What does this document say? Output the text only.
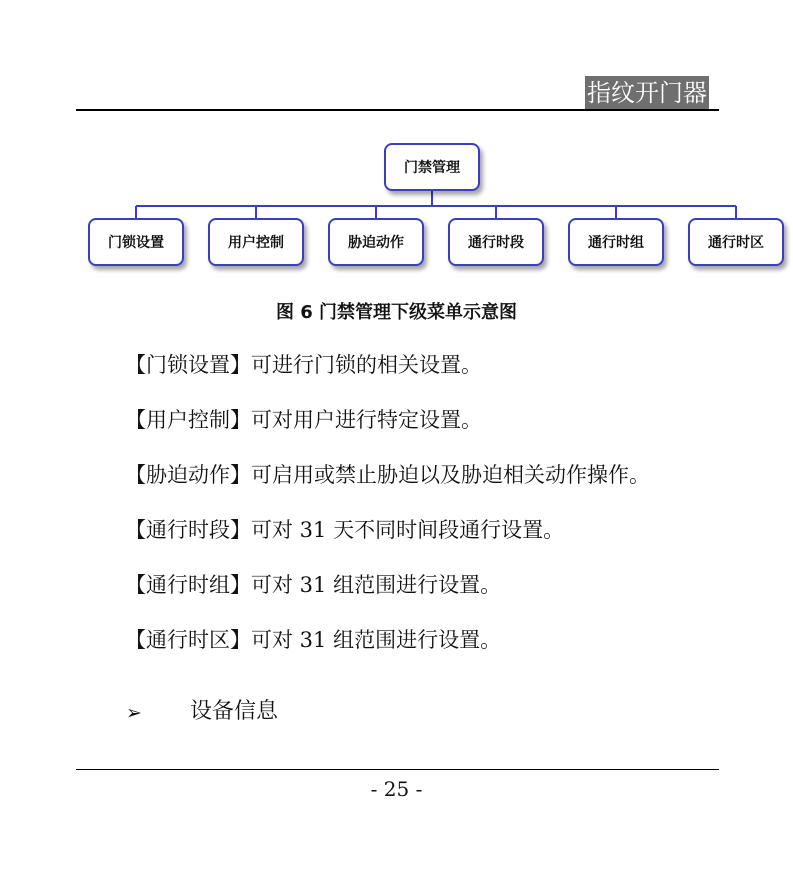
指纹开门器
门禁管理
门锁设置	用户控制	胁迫动作	通行时段	通行时组	通行时区
图 6 门禁管理下级菜单示意图
【门锁设置】可进行门锁的相关设置。
【用户控制】可对用户进行特定设置。
【胁迫动作】可启用或禁止胁迫以及胁迫相关动作操作。
【通行时段】可对 31 天不同时间段通行设置。
【通行时组】可对 31 组范围进行设置。
【通行时区】可对 31 组范围进行设置。
➢ 设备信息
- 25 -
